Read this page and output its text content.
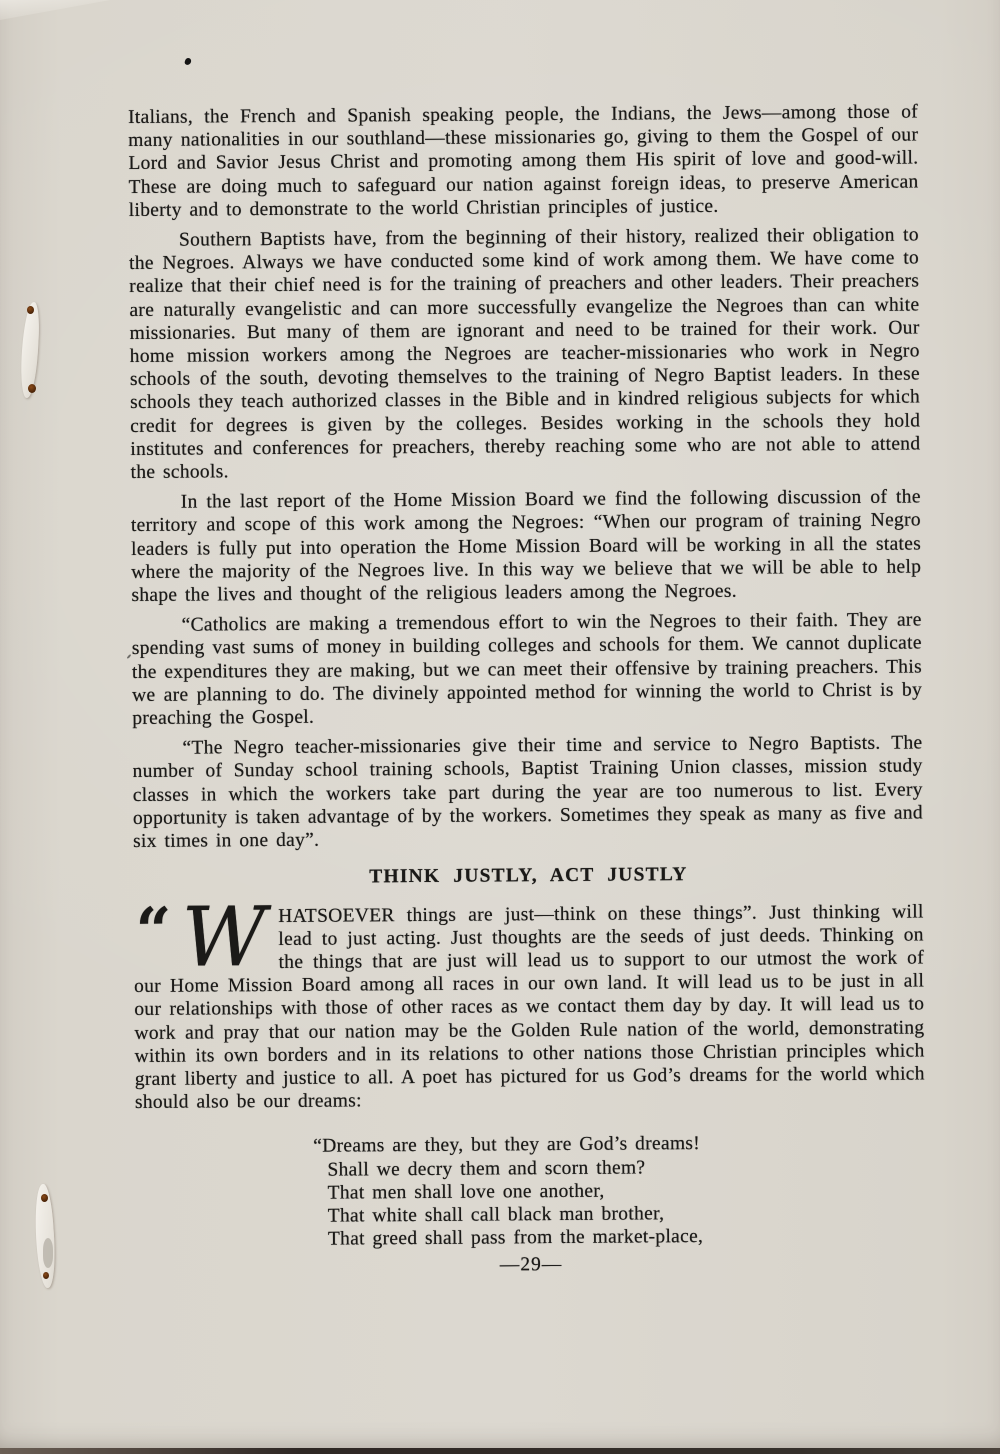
Italians, the French and Spanish speaking people, the Indians, the Jews—among those of many nationalities in our southland—these missionaries go, giving to them the Gospel of our Lord and Savior Jesus Christ and promoting among them His spirit of love and good-will. These are doing much to safeguard our nation against foreign ideas, to preserve American liberty and to demonstrate to the world Christian principles of justice.

Southern Baptists have, from the beginning of their history, realized their obligation to the Negroes. Always we have conducted some kind of work among them. We have come to realize that their chief need is for the training of preachers and other leaders. Their preachers are naturally evangelistic and can more successfully evangelize the Negroes than can white missionaries. But many of them are ignorant and need to be trained for their work. Our home mission workers among the Negroes are teacher-missionaries who work in Negro schools of the south, devoting themselves to the training of Negro Baptist leaders. In these schools they teach authorized classes in the Bible and in kindred religious subjects for which credit for degrees is given by the colleges. Besides working in the schools they hold institutes and conferences for preachers, thereby reaching some who are not able to attend the schools.

In the last report of the Home Mission Board we find the following discussion of the territory and scope of this work among the Negroes: “When our program of training Negro leaders is fully put into operation the Home Mission Board will be working in all the states where the majority of the Negroes live. In this way we believe that we will be able to help shape the lives and thought of the religious leaders among the Negroes.

“Catholics are making a tremendous effort to win the Negroes to their faith. They are spending vast sums of money in building colleges and schools for them. We cannot duplicate the expenditures they are making, but we can meet their offensive by training preachers. This we are planning to do. The divinely appointed method for winning the world to Christ is by preaching the Gospel.

“The Negro teacher-missionaries give their time and service to Negro Baptists. The number of Sunday school training schools, Baptist Training Union classes, mission study classes in which the workers take part during the year are too numerous to list. Every opportunity is taken advantage of by the workers. Sometimes they speak as many as five and six times in one day”.

THINK JUSTLY, ACT JUSTLY

“ W HATSOEVER things are just—think on these things”. Just thinking will lead to just acting. Just thoughts are the seeds of just deeds. Thinking on the things that are just will lead us to support to our utmost the work of our Home Mission Board among all races in our own land. It will lead us to be just in all our relationships with those of other races as we contact them day by day. It will lead us to work and pray that our nation may be the Golden Rule nation of the world, demonstrating within its own borders and in its relations to other nations those Christian principles which grant liberty and justice to all. A poet has pictured for us God’s dreams for the world which should also be our dreams:

“Dreams are they, but they are God’s dreams!

Shall we decry them and scorn them?

That men shall love one another,

That white shall call black man brother,

That greed shall pass from the market-place,

—29—
